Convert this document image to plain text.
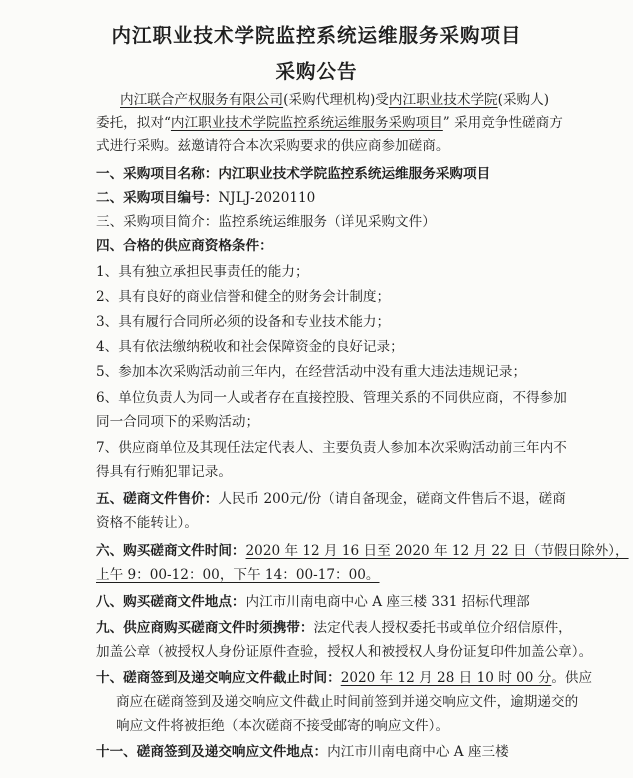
内江职业技术学院监控系统运维服务采购项目
采购公告
内江联合产权服务有限公司(采购代理机构)受内江职业技术学院(采购人)
委托，拟对“内江职业技术学院监控系统运维服务采购项目” 采用竞争性磋商方
式进行采购。兹邀请符合本次采购要求的供应商参加磋商。
一、采购项目名称：内江职业技术学院监控系统运维服务采购项目
二、采购项目编号：NJLJ-2020110
三、采购项目简介：监控系统运维服务（详见采购文件）
四、合格的供应商资格条件：
1、具有独立承担民事责任的能力；
2、具有良好的商业信誉和健全的财务会计制度；
3、具有履行合同所必须的设备和专业技术能力；
4、具有依法缴纳税收和社会保障资金的良好记录；
5、参加本次采购活动前三年内，在经营活动中没有重大违法违规记录；
6、单位负责人为同一人或者存在直接控股、管理关系的不同供应商，不得参加
同一合同项下的采购活动；
7、供应商单位及其现任法定代表人、主要负责人参加本次采购活动前三年内不
得具有行贿犯罪记录。
五、磋商文件售价：人民币 200元/份（请自备现金，磋商文件售后不退，磋商
资格不能转让）。
六、购买磋商文件时间：2020 年 12 月 16 日至 2020 年 12 月 22 日（节假日除外），
上午 9：00-12：00，下午 14：00-17：00。
八、购买磋商文件地点：内江市川南电商中心 A 座三楼 331 招标代理部
九、供应商购买磋商文件时须携带：法定代表人授权委托书或单位介绍信原件，
加盖公章（被授权人身份证原件查验，授权人和被授权人身份证复印件加盖公章）。
十、磋商签到及递交响应文件截止时间：2020 年 12 月 28 日 10 时 00 分。供应
商应在磋商签到及递交响应文件截止时间前签到并递交响应文件，逾期递交的
响应文件将被拒绝（本次磋商不接受邮寄的响应文件）。
十一、磋商签到及递交响应文件地点：内江市川南电商中心 A 座三楼
